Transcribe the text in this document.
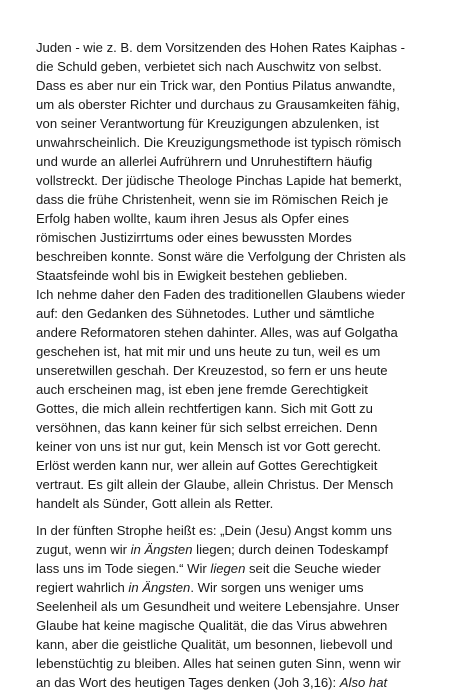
Juden - wie z. B. dem Vorsitzenden des Hohen Rates Kaiphas -
die Schuld geben, verbietet sich nach Auschwitz von selbst.
Dass es aber nur ein Trick war, den Pontius Pilatus anwandte,
um als oberster Richter und durchaus zu Grausamkeiten fähig,
von seiner Verantwortung für Kreuzigungen abzulenken, ist
unwahrscheinlich. Die Kreuzigungsmethode ist typisch römisch
und wurde an allerlei Aufrührern und Unruhestiftern häufig
vollstreckt. Der jüdische Theologe Pinchas Lapide hat bemerkt,
dass die frühe Christenheit, wenn sie im Römischen Reich je
Erfolg haben wollte, kaum ihren Jesus als Opfer eines
römischen Justizirrtums oder eines bewussten Mordes
beschreiben konnte. Sonst wäre die Verfolgung der Christen als
Staatsfeinde wohl bis in Ewigkeit bestehen geblieben.
Ich nehme daher den Faden des traditionellen Glaubens wieder
auf: den Gedanken des Sühnetodes. Luther und sämtliche
andere Reformatoren stehen dahinter. Alles, was auf Golgatha
geschehen ist, hat mit mir und uns heute zu tun, weil es um
unseretwillen geschah. Der Kreuzestod, so fern er uns heute
auch erscheinen mag, ist eben jene fremde Gerechtigkeit
Gottes, die mich allein rechtfertigen kann. Sich mit Gott zu
versöhnen, das kann keiner für sich selbst erreichen. Denn
keiner von uns ist nur gut, kein Mensch ist vor Gott gerecht.
Erlöst werden kann nur, wer allein auf Gottes Gerechtigkeit
vertraut. Es gilt allein der Glaube, allein Christus. Der Mensch
handelt als Sünder, Gott allein als Retter.
In der fünften Strophe heißt es: „Dein (Jesu) Angst komm uns
zugut, wenn wir in Ängsten liegen; durch deinen Todeskampf
lass uns im Tode siegen.“ Wir liegen seit die Seuche wieder
regiert wahrlich in Ängsten. Wir sorgen uns weniger ums
Seelenheil als um Gesundheit und weitere Lebensjahre. Unser
Glaube hat keine magische Qualität, die das Virus abwehren
kann, aber die geistliche Qualität, um besonnen, liebevoll und
lebenstüchtig zu bleiben. Alles hat seinen guten Sinn, wenn wir
an das Wort des heutigen Tages denken (Joh 3,16): Also hat
